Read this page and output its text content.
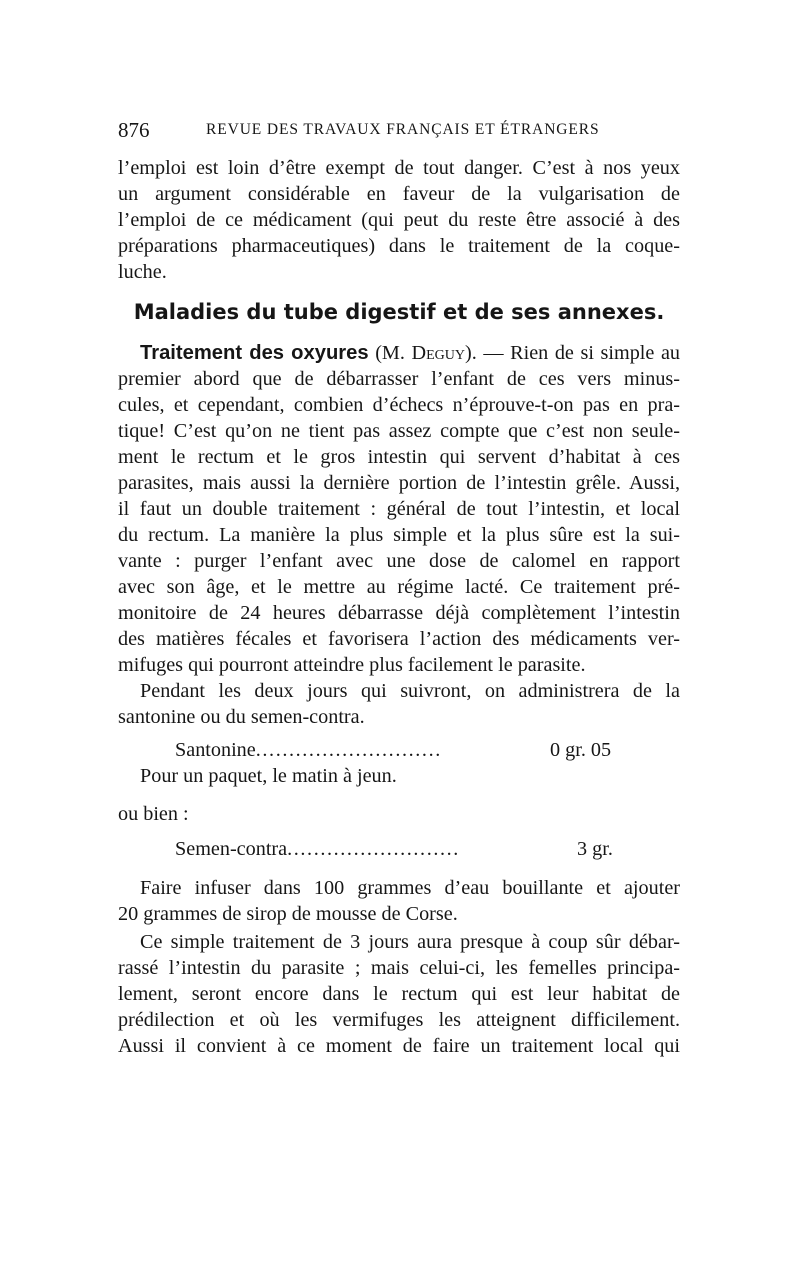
876	REVUE DES TRAVAUX FRANÇAIS ET ÉTRANGERS
l’emploi est loin d’être exempt de tout danger. C’est à nos yeux
un argument considérable en faveur de la vulgarisation de
l’emploi de ce médicament (qui peut du reste être associé à des
préparations pharmaceutiques) dans le traitement de la coque-
luche.
Maladies du tube digestif et de ses annexes.
Traitement des oxyures (M. Deguy). — Rien de si simple au
premier abord que de débarrasser l’enfant de ces vers minus-
cules, et cependant, combien d’échecs n’éprouve-t-on pas en pra-
tique! C’est qu’on ne tient pas assez compte que c’est non seule-
ment le rectum et le gros intestin qui servent d’habitat à ces
parasites, mais aussi la dernière portion de l’intestin grêle. Aussi,
il faut un double traitement : général de tout l’intestin, et local
du rectum. La manière la plus simple et la plus sûre est la sui-
vante : purger l’enfant avec une dose de calomel en rapport
avec son âge, et le mettre au régime lacté. Ce traitement pré-
monitoire de 24 heures débarrasse déjà complètement l’intestin
des matières fécales et favorisera l’action des médicaments ver-
mifuges qui pourront atteindre plus facilement le parasite.
Pendant les deux jours qui suivront, on administrera de la
santonine ou du semen-contra.
Santonine............................	0 gr. 05
Pour un paquet, le matin à jeun.
ou bien :
Semen-contra..........................	3 gr.
Faire infuser dans 100 grammes d’eau bouillante et ajouter
20 grammes de sirop de mousse de Corse.
Ce simple traitement de 3 jours aura presque à coup sûr débar-
rassé l’intestin du parasite ; mais celui-ci, les femelles principa-
lement, seront encore dans le rectum qui est leur habitat de
prédilection et où les vermifuges les atteignent difficilement.
Aussi il convient à ce moment de faire un traitement local qui
